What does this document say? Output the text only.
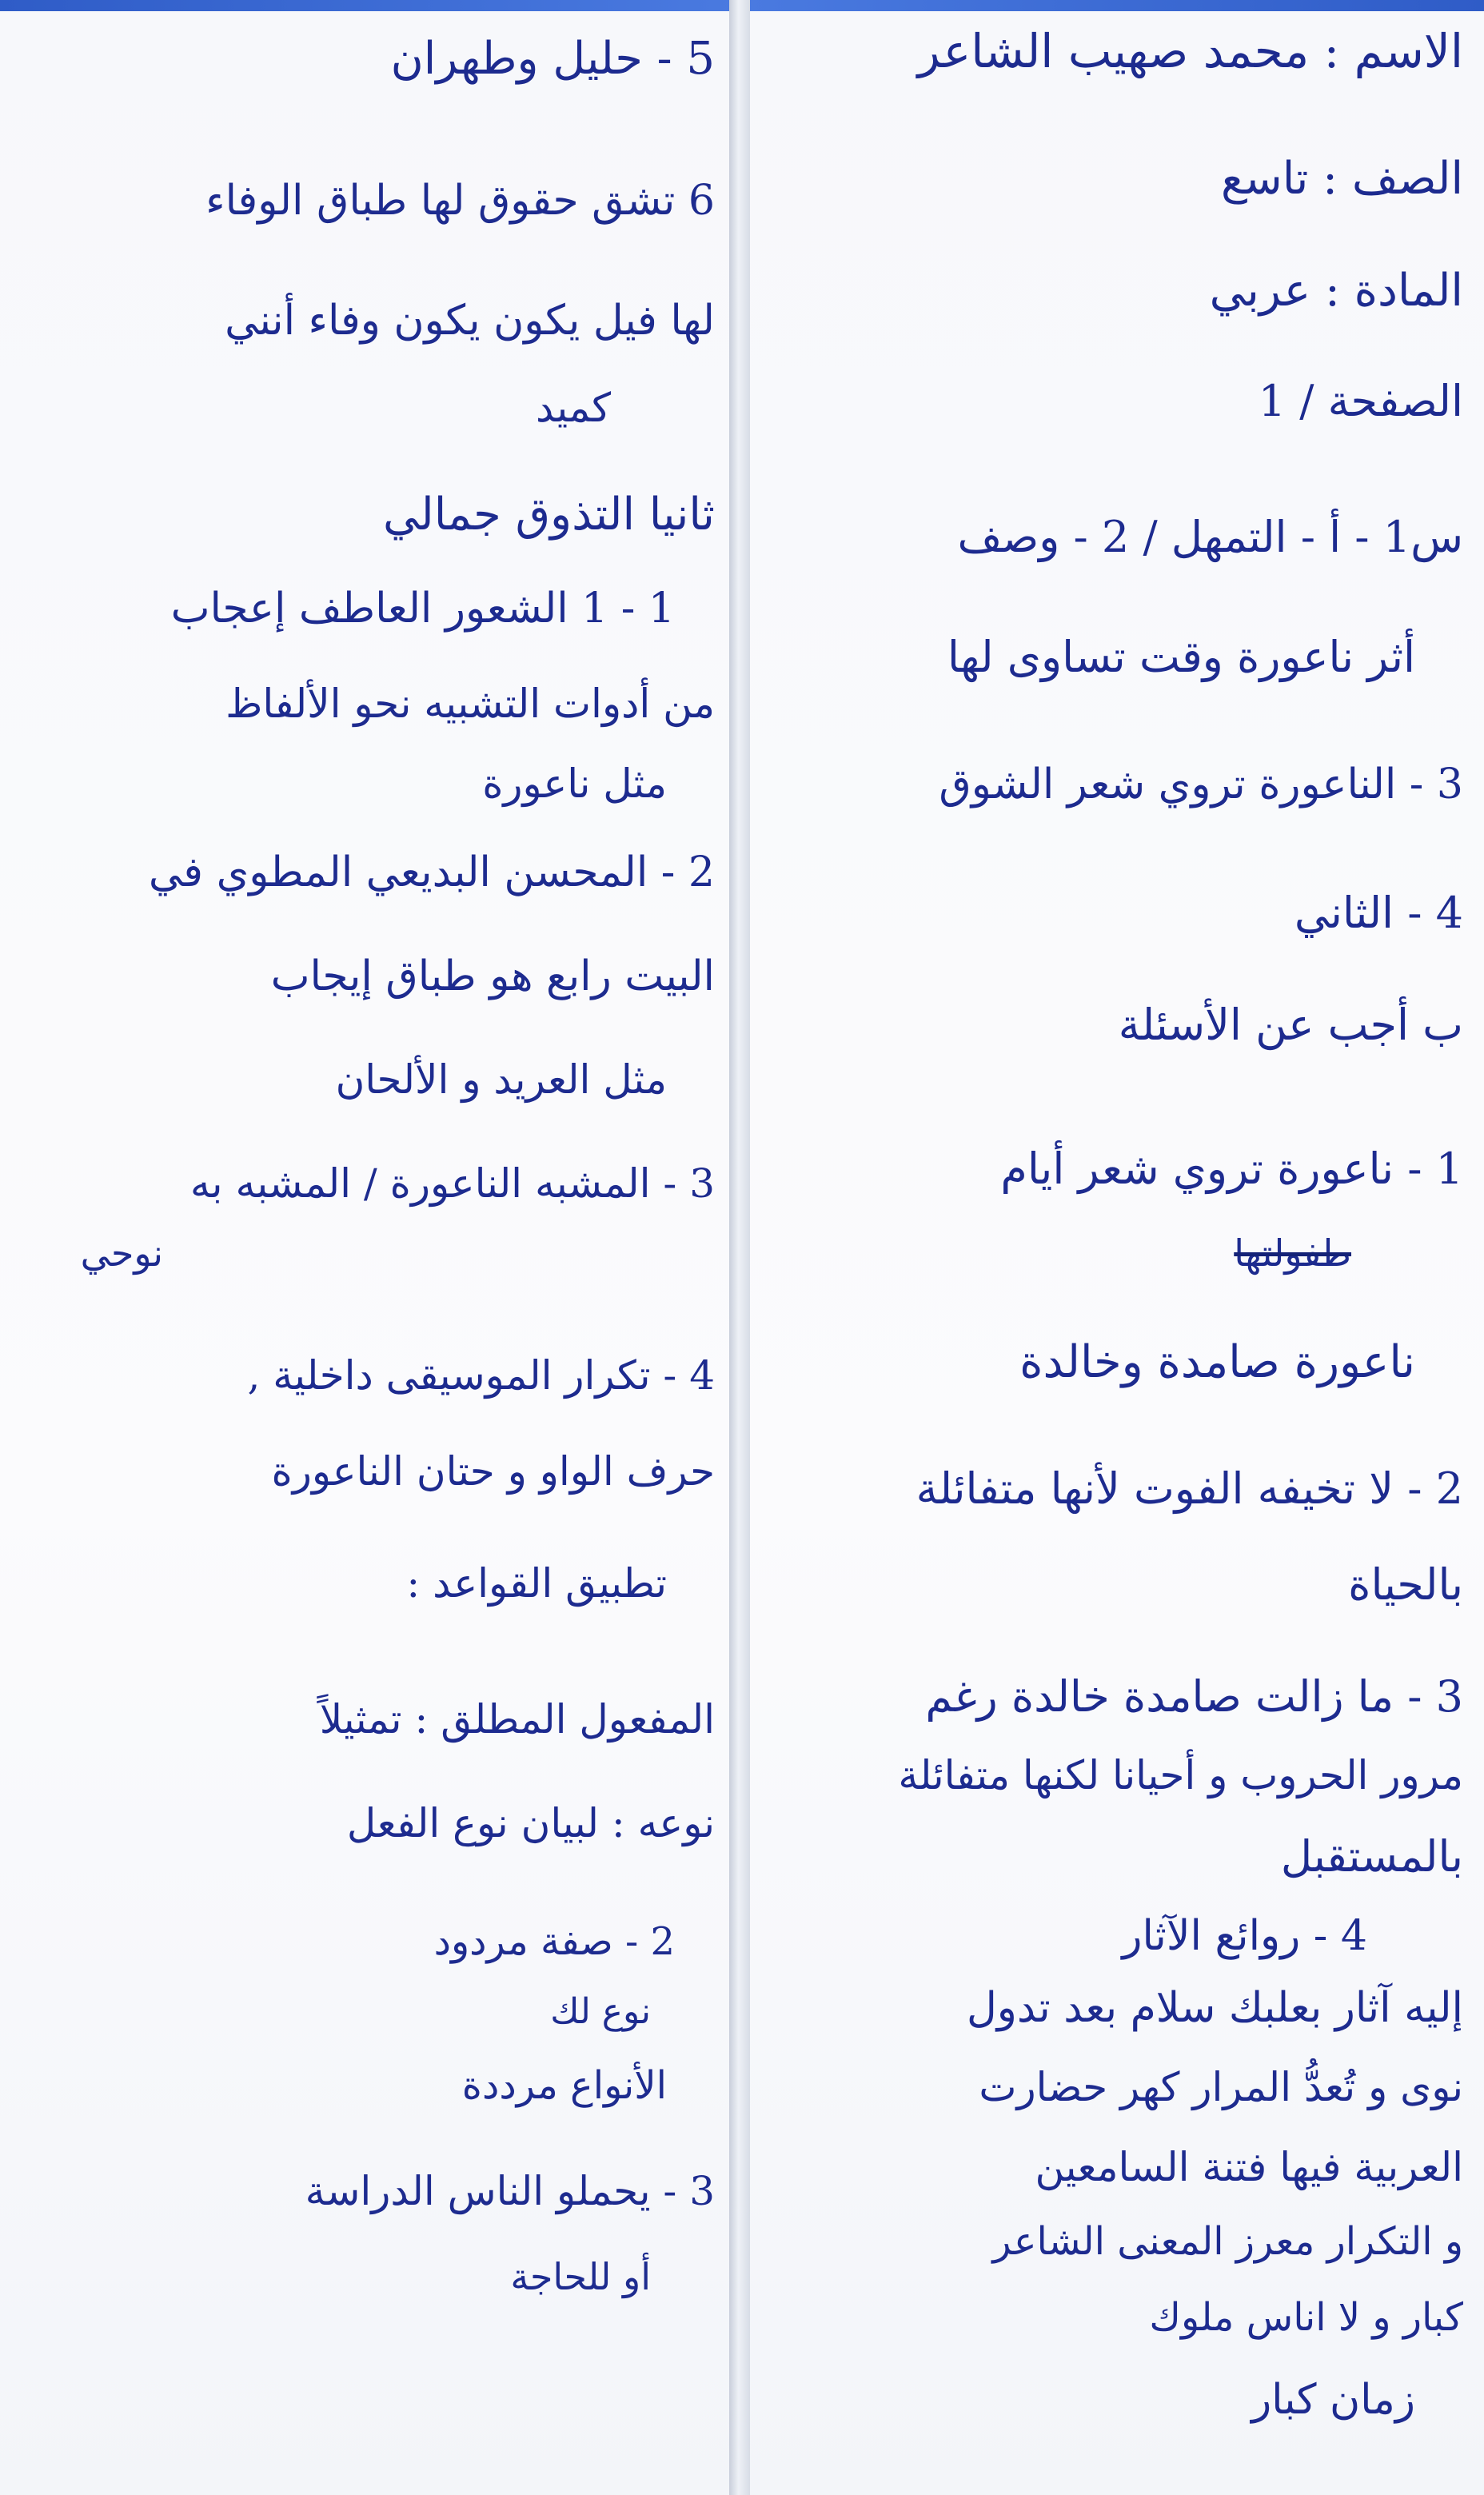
الاسم : محمد صهيب الشاعر
الصف : تاسع
المادة : عربي
الصفحة / 1
س1 - أ - التمهل / 2 - وصف
أثر ناعورة وقت تساوى لها
3 - الناعورة تروي شعر الشوق
4 - الثاني
ب أجب عن الأسئلة
1 - ناعورة تروي شعر أيام
طفولتها
ناعورة صامدة وخالدة
2 - لا تخيفه الفوت لأنها متفائلة
بالحياة
3 - ما زالت صامدة خالدة رغم
مرور الحروب و أحيانا لكنها متفائلة
بالمستقبل
4 - روائع الآثار
إليه آثار بعلبك سلام بعد تدول
نوى و تُعدُّ المرار كهر حضارت
العربية فيها فتنة السامعين
و التكرار معرز المعنى الشاعر
كبار و لا اناس ملوك
زمان كبار
5 - حليل وطهران
6 تشق حقوق لها طباق الوفاء
لها فيل يكون يكون وفاء أنني
كميد
ثانيا التذوق جمالي
1 - 1 الشعور العاطف إعجاب
من أدوات التشبيه نحو الألفاظ
مثل ناعورة
2 - المحسن البديعي المطوي في
البيت رابع هو طباق إيجاب
مثل العريد و الألحان
3 - المشبه الناعورة / المشبه به
نوحي
4 - تكرار الموسيقى داخلية ,
حرف الواو و حتان الناعورة
تطبيق القواعد :
المفعول المطلق : تمثيلاً
نوعه : لبيان نوع الفعل
2 - صفة مردود
نوع لك
الأنواع مرددة
3 - يحملو الناس الدراسة
أو للحاجة
